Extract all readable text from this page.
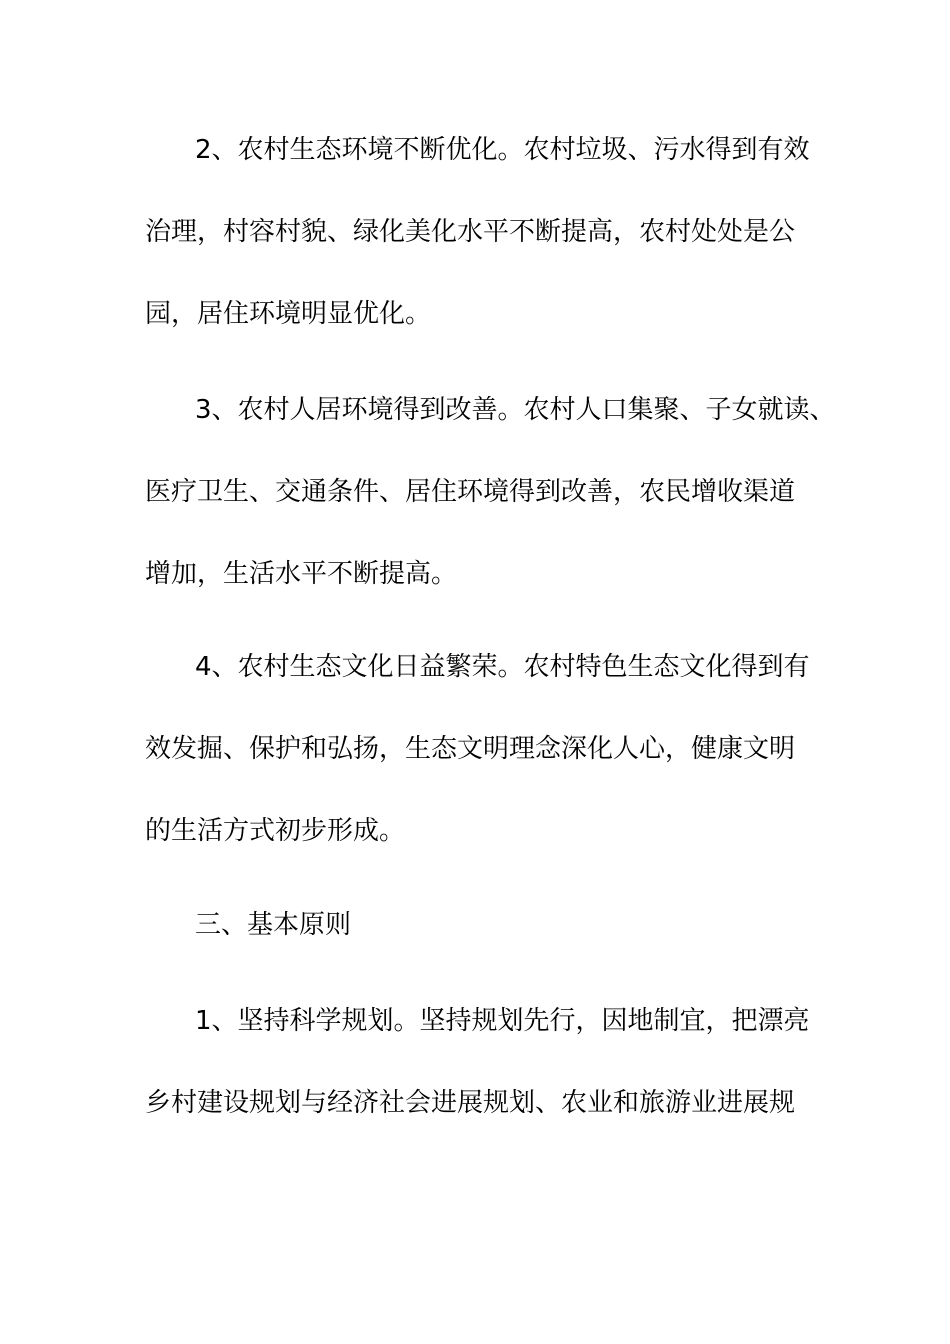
2、农村生态环境不断优化。农村垃圾、污水得到有效
治理，村容村貌、绿化美化水平不断提高，农村处处是公
园，居住环境明显优化。
3、农村人居环境得到改善。农村人口集聚、子女就读、
医疗卫生、交通条件、居住环境得到改善，农民增收渠道
增加，生活水平不断提高。
4、农村生态文化日益繁荣。农村特色生态文化得到有
效发掘、保护和弘扬，生态文明理念深化人心，健康文明
的生活方式初步形成。
三、基本原则
1、坚持科学规划。坚持规划先行，因地制宜，把漂亮
乡村建设规划与经济社会进展规划、农业和旅游业进展规
